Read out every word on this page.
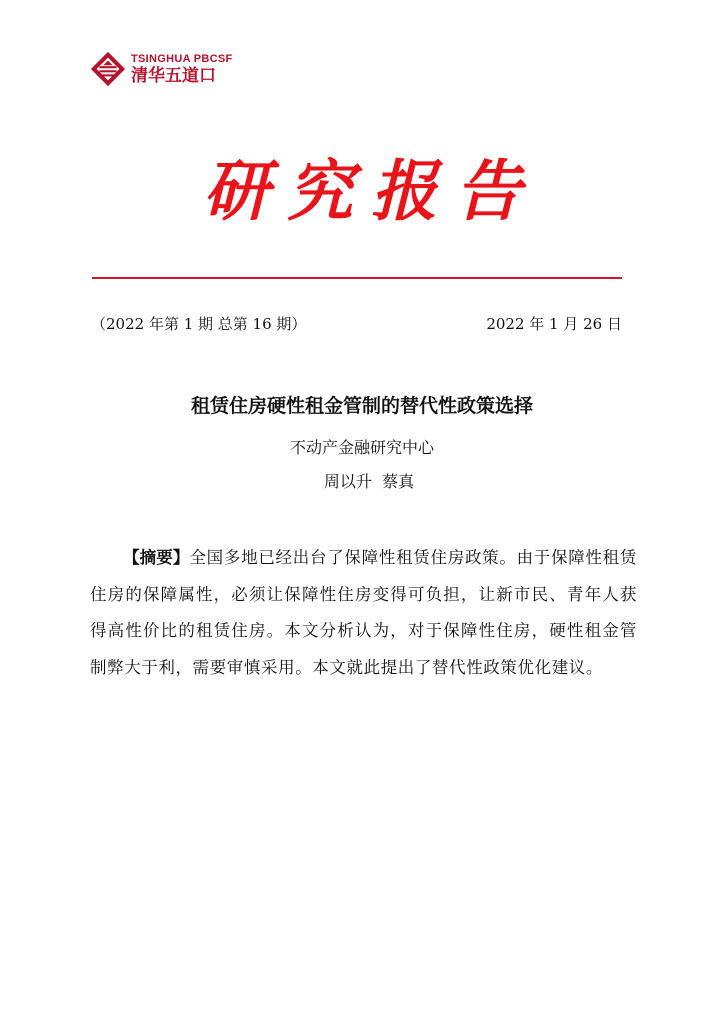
TSINGHUA PBCSF
清华五道口
研究报告
（2022 年第 1 期 总第 16 期）	2022 年 1 月 26 日
租赁住房硬性租金管制的替代性政策选择
不动产金融研究中心
周以升  蔡真
【摘要】全国多地已经出台了保障性租赁住房政策。由于保障性租赁住房的保障属性，必须让保障性住房变得可负担，让新市民、青年人获得高性价比的租赁住房。本文分析认为，对于保障性住房，硬性租金管制弊大于利，需要审慎采用。本文就此提出了替代性政策优化建议。
